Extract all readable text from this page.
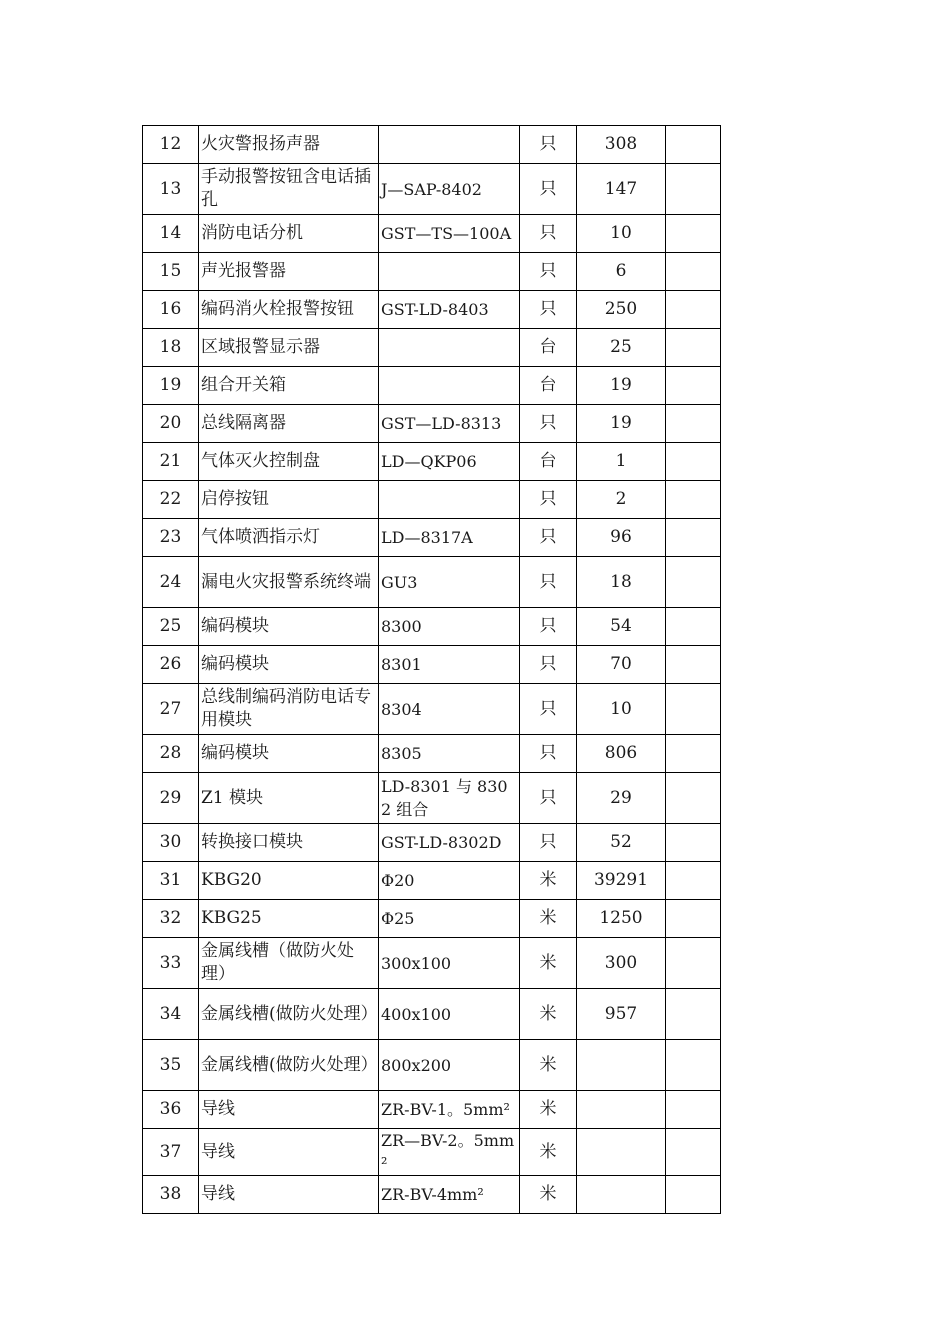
12	火灾警报扬声器		只	308	
13	手动报警按钮含电话插孔	J—SAP-8402	只	147	
14	消防电话分机	GST—TS—100A	只	10	
15	声光报警器		只	6	
16	编码消火栓报警按钮	GST-LD-8403	只	250	
18	区域报警显示器		台	25	
19	组合开关箱		台	19	
20	总线隔离器	GST—LD-8313	只	19	
21	气体灭火控制盘	LD—QKP06	台	1	
22	启停按钮		只	2	
23	气体喷洒指示灯	LD—8317A	只	96	
24	漏电火灾报警系统终端	GU3	只	18	
25	编码模块	8300	只	54	
26	编码模块	8301	只	70	
27	总线制编码消防电话专用模块	8304	只	10	
28	编码模块	8305	只	806	
29	Z1 模块	LD-8301 与 8302 组合	只	29	
30	转换接口模块	GST-LD-8302D	只	52	
31	KBG20	Φ20	米	39291	
32	KBG25	Φ25	米	1250	
33	金属线槽（做防火处理）	300x100	米	300	
34	金属线槽(做防火处理）	400x100	米	957	
35	金属线槽(做防火处理）	800x200	米		
36	导线	ZR-BV-1。5mm²	米		
37	导线	ZR—BV-2。5mm²	米		
38	导线	ZR-BV-4mm²	米		
